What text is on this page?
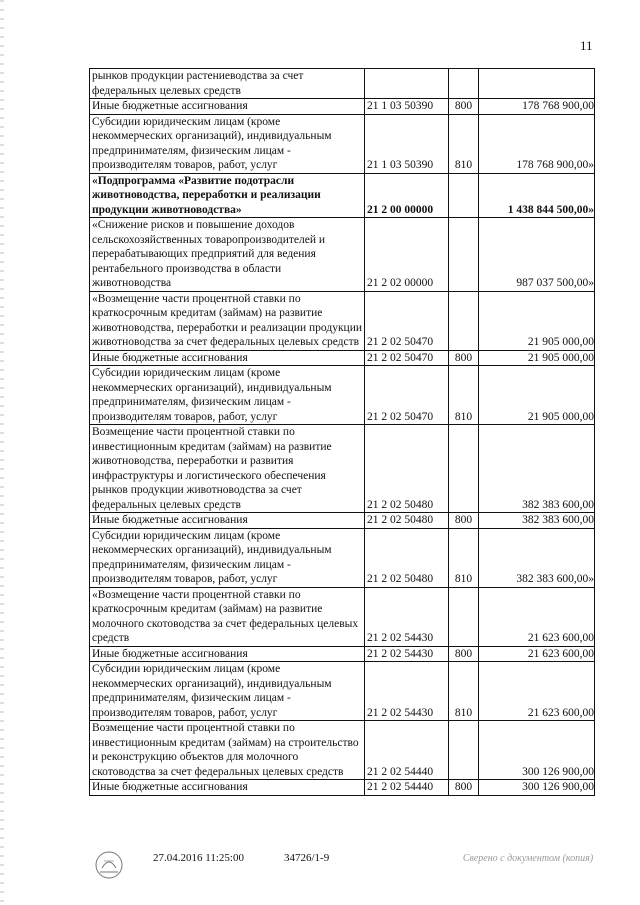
11
рынков продукции растениеводства за счет федеральных целевых средств			
Иные бюджетные ассигнования	21 1 03 50390	800	178 768 900,00
Субсидии юридическим лицам (кроме некоммерческих организаций), индивидуальным предпринимателям, физическим лицам - производителям товаров, работ, услуг	21 1 03 50390	810	178 768 900,00»
«Подпрограмма «Развитие подотрасли животноводства, переработки и реализации продукции животноводства»	21 2 00 00000		1 438 844 500,00»
«Снижение рисков и повышение доходов сельскохозяйственных товаропроизводителей и перерабатывающих предприятий для ведения рентабельного производства в области животноводства	21 2 02 00000		987 037 500,00»
«Возмещение части процентной ставки по краткосрочным кредитам (займам) на развитие животноводства, переработки и реализации продукции животноводства за счет федеральных целевых средств	21 2 02 50470		21 905 000,00
Иные бюджетные ассигнования	21 2 02 50470	800	21 905 000,00
Субсидии юридическим лицам (кроме некоммерческих организаций), индивидуальным предпринимателям, физическим лицам - производителям товаров, работ, услуг	21 2 02 50470	810	21 905 000,00
Возмещение части процентной ставки по инвестиционным кредитам (займам) на развитие животноводства, переработки и развития инфраструктуры и логистического обеспечения рынков продукции животноводства за счет федеральных целевых средств	21 2 02 50480		382 383 600,00
Иные бюджетные ассигнования	21 2 02 50480	800	382 383 600,00
Субсидии юридическим лицам (кроме некоммерческих организаций), индивидуальным предпринимателям, физическим лицам - производителям товаров, работ, услуг	21 2 02 50480	810	382 383 600,00»
«Возмещение части процентной ставки по краткосрочным кредитам (займам) на развитие молочного скотоводства за счет федеральных целевых средств	21 2 02 54430		21 623 600,00
Иные бюджетные ассигнования	21 2 02 54430	800	21 623 600,00
Субсидии юридическим лицам (кроме некоммерческих организаций), индивидуальным предпринимателям, физическим лицам - производителям товаров, работ, услуг	21 2 02 54430	810	21 623 600,00
Возмещение части процентной ставки по инвестиционным кредитам (займам) на строительство и реконструкцию объектов для молочного скотоводства за счет федеральных целевых средств	21 2 02 54440		300 126 900,00
Иные бюджетные ассигнования	21 2 02 54440	800	300 126 900,00
27.04.2016 11:25:00	34726/1-9	Сверено с документом (копия)
